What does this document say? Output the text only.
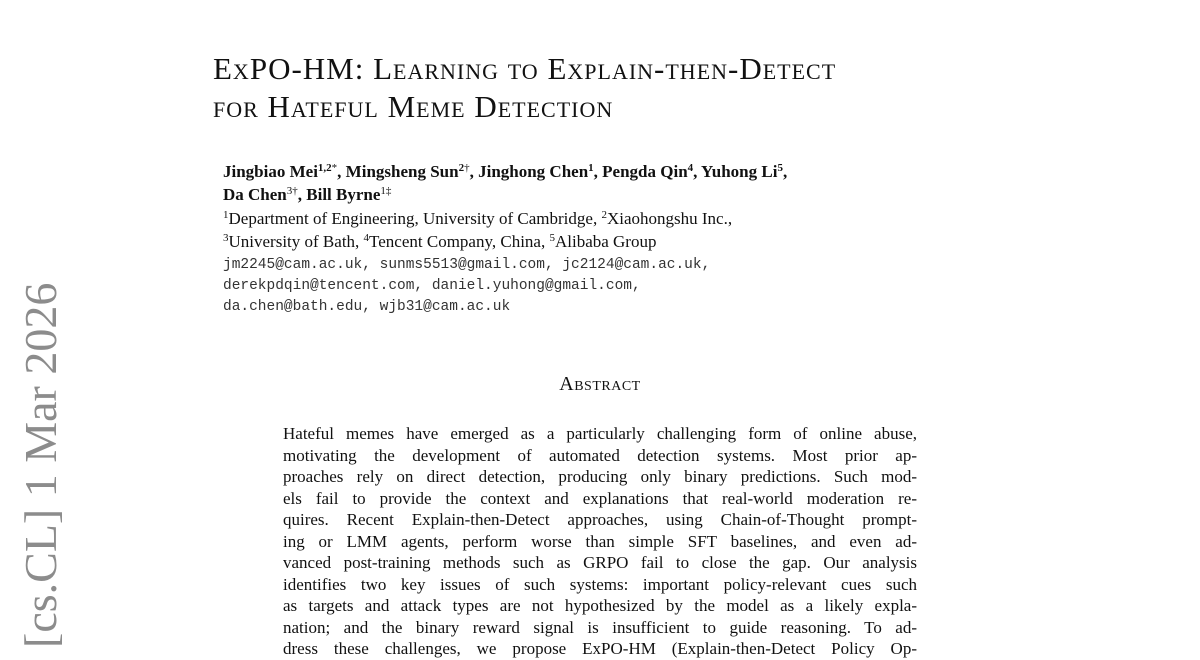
[cs.CL] 1 Mar 2026
ExPO-HM: Learning to Explain-then-Detect
for Hateful Meme Detection
Jingbiao Mei$^{1,2*}$, Mingsheng Sun$^{2\dagger}$, Jinghong Chen$^1$, Pengda Qin$^4$, Yuhong Li$^5$,
Da Chen$^{3\dagger}$, Bill Byrne$^{1\ddagger}$
$^1$Department of Engineering, University of Cambridge, $^2$Xiaohongshu Inc.,
$^3$University of Bath, $^4$Tencent Company, China, $^5$Alibaba Group
jm2245@cam.ac.uk, sunms5513@gmail.com, jc2124@cam.ac.uk,
derekpdqin@tencent.com, daniel.yuhong@gmail.com,
da.chen@bath.edu, wjb31@cam.ac.uk
Abstract
Hateful memes have emerged as a particularly challenging form of online abuse,
motivating the development of automated detection systems. Most prior ap-
proaches rely on direct detection, producing only binary predictions. Such mod-
els fail to provide the context and explanations that real-world moderation re-
quires. Recent Explain-then-Detect approaches, using Chain-of-Thought prompt-
ing or LMM agents, perform worse than simple SFT baselines, and even ad-
vanced post-training methods such as GRPO fail to close the gap. Our analysis
identifies two key issues of such systems: important policy-relevant cues such
as targets and attack types are not hypothesized by the model as a likely expla-
nation; and the binary reward signal is insufficient to guide reasoning. To ad-
dress these challenges, we propose ExPO-HM (Explain-then-Detect Policy Op-
